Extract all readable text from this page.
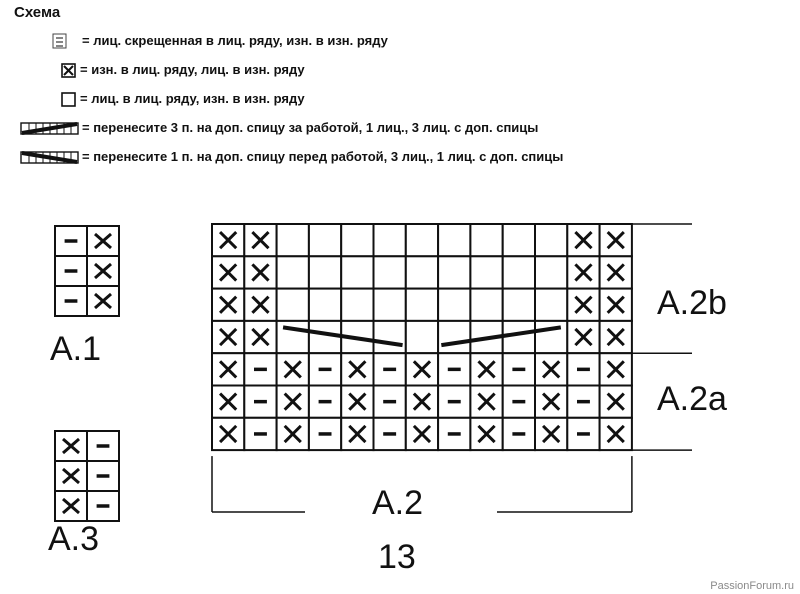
Схема
= лиц. скрещенная в лиц. ряду, изн. в изн. ряду
= изн. в лиц. ряду, лиц. в изн. ряду
= лиц. в лиц. ряду, изн. в изн. ряду
= перенесите 3 п. на доп. спицу за работой, 1 лиц., 3 лиц. с доп. спицы
= перенесите 1 п. на доп. спицу перед работой, 3 лиц., 1 лиц. с доп. спицы
A.1
A.3
A.2b
A.2a
A.2
13
PassionForum.ru
